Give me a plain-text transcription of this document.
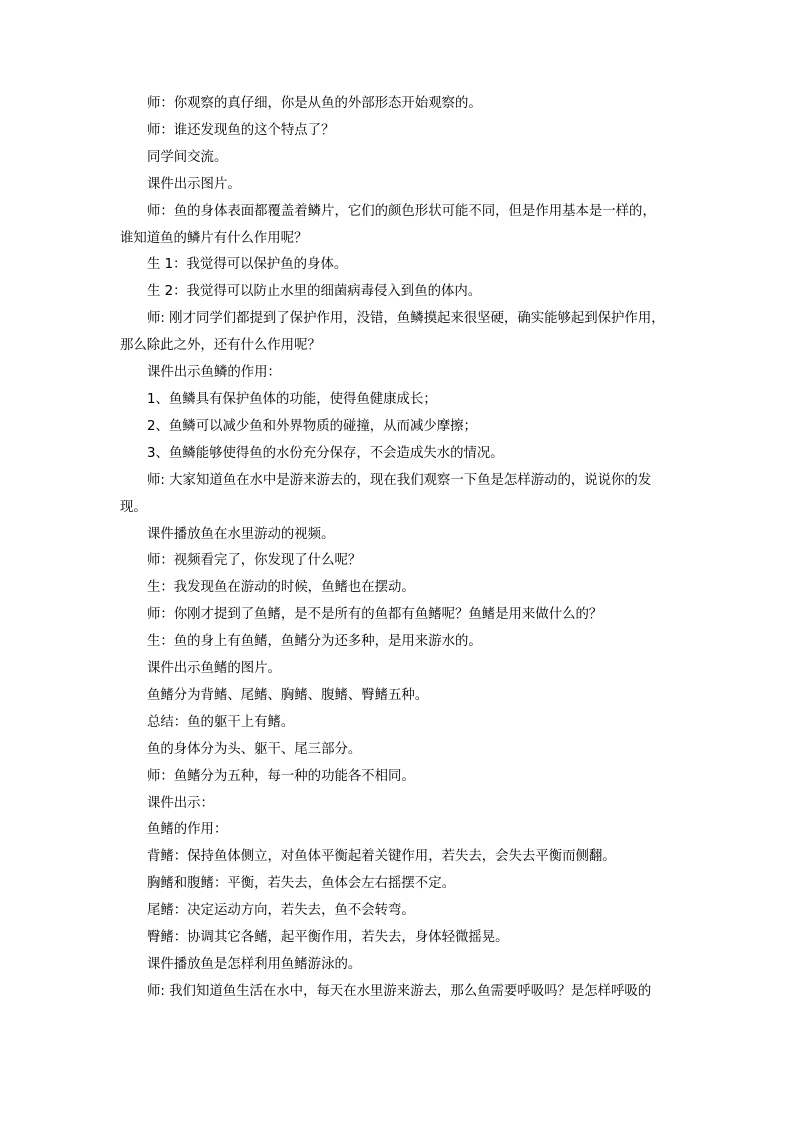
师：你观察的真仔细，你是从鱼的外部形态开始观察的。
师：谁还发现鱼的这个特点了？
同学间交流。
课件出示图片。
师：鱼的身体表面都覆盖着鳞片，它们的颜色形状可能不同，但是作用基本是一样的，
谁知道鱼的鳞片有什么作用呢？
生 1：我觉得可以保护鱼的身体。
生 2：我觉得可以防止水里的细菌病毒侵入到鱼的体内。
师: 刚才同学们都提到了保护作用，没错，鱼鳞摸起来很坚硬，确实能够起到保护作用，
那么除此之外，还有什么作用呢？
课件出示鱼鳞的作用：
1、鱼鳞具有保护鱼体的功能，使得鱼健康成长；
2、鱼鳞可以减少鱼和外界物质的碰撞，从而减少摩擦；
3、鱼鳞能够使得鱼的水份充分保存，不会造成失水的情况。
师: 大家知道鱼在水中是游来游去的，现在我们观察一下鱼是怎样游动的，说说你的发
现。
课件播放鱼在水里游动的视频。
师：视频看完了，你发现了什么呢？
生：我发现鱼在游动的时候，鱼鳍也在摆动。
师：你刚才提到了鱼鳍，是不是所有的鱼都有鱼鳍呢？鱼鳍是用来做什么的？
生：鱼的身上有鱼鳍，鱼鳍分为还多种，是用来游水的。
课件出示鱼鳍的图片。
鱼鳍分为背鳍、尾鳍、胸鳍、腹鳍、臀鳍五种。
总结：鱼的躯干上有鳍。
鱼的身体分为头、躯干、尾三部分。
师：鱼鳍分为五种，每一种的功能各不相同。
课件出示：
鱼鳍的作用：
背鳍：保持鱼体侧立，对鱼体平衡起着关键作用，若失去，会失去平衡而侧翻。
胸鳍和腹鳍：平衡，若失去，鱼体会左右摇摆不定。
尾鳍：决定运动方向，若失去，鱼不会转弯。
臀鳍：协调其它各鳍，起平衡作用，若失去，身体轻微摇晃。
课件播放鱼是怎样利用鱼鳍游泳的。
师: 我们知道鱼生活在水中，每天在水里游来游去，那么鱼需要呼吸吗？是怎样呼吸的
